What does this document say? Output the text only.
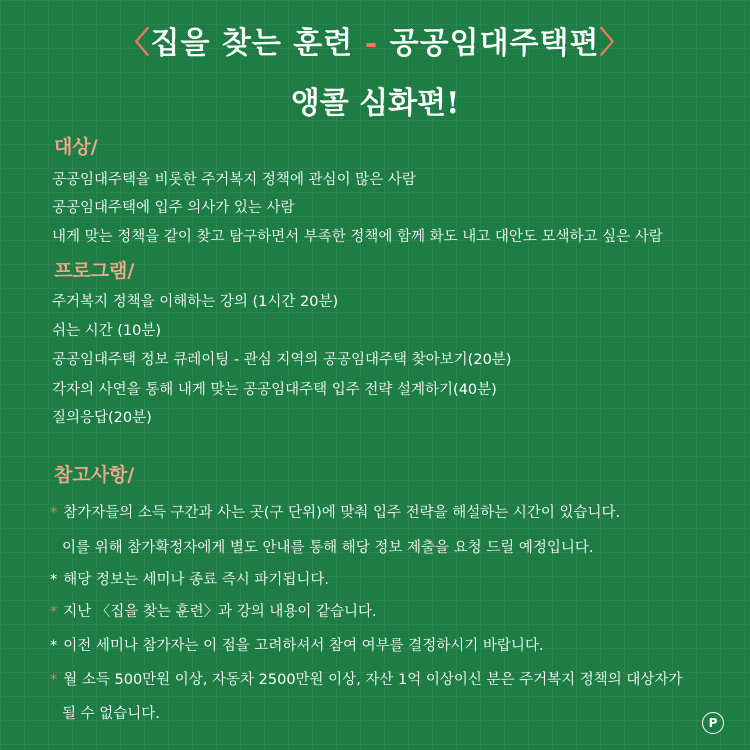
〈집을 찾는 훈련 - 공공임대주택편〉
앵콜 심화편!
대상/
공공임대주택을 비롯한 주거복지 정책에 관심이 많은 사람
공공임대주택에 입주 의사가 있는 사람
내게 맞는 정책을 같이 찾고 탐구하면서 부족한 정책에 함께 화도 내고 대안도 모색하고 싶은 사람
프로그램/
주거복지 정책을 이해하는 강의 (1시간 20분)
쉬는 시간 (10분)
공공임대주택 정보 큐레이팅 - 관심 지역의 공공임대주택 찾아보기(20분)
각자의 사연을 통해 내게 맞는 공공임대주택 입주 전략 설계하기(40분)
질의응답(20분)
참고사항/
* 참가자들의 소득 구간과 사는 곳(구 단위)에 맞춰 입주 전략을 해설하는 시간이 있습니다.
이를 위해 참가확정자에게 별도 안내를 통해 해당 정보 제출을 요청 드릴 예정입니다.
* 해당 정보는 세미나 종료 즉시 파기됩니다.
* 지난 〈집을 찾는 훈련〉과 강의 내용이 같습니다.
* 이전 세미나 참가자는 이 점을 고려하셔서 참여 여부를 결정하시기 바랍니다.
* 월 소득 500만원 이상, 자동차 2500만원 이상, 자산 1억 이상이신 분은 주거복지 정책의 대상자가
될 수 없습니다.
P
